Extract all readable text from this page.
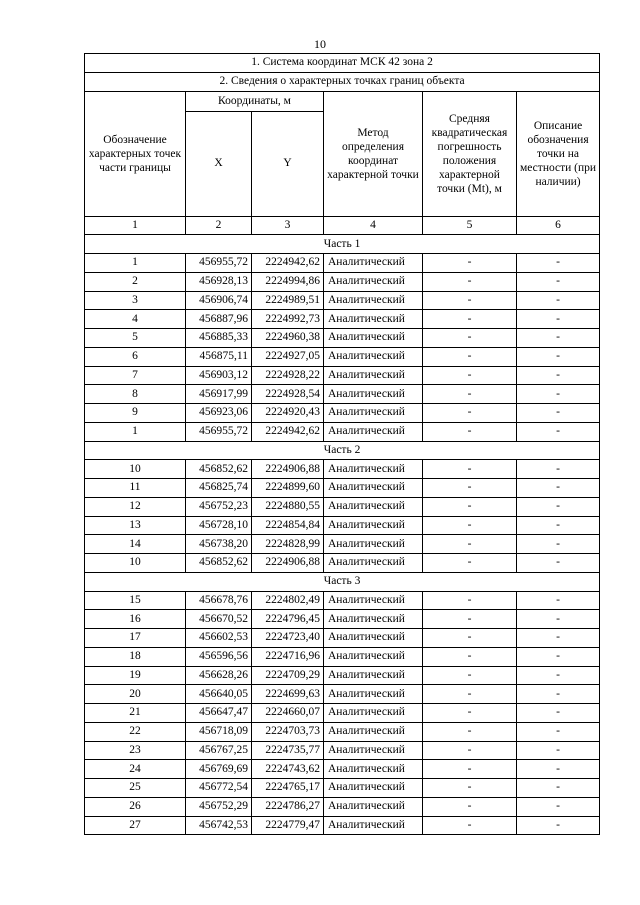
10
1. Система координат МСК 42 зона 2					
2. Сведения о характерных точках границ объекта					
Обозначение характерных точек части границы	Координаты, м		Метод определения координат характерной точки	Средняя квадратическая погрешность положения характерной точки (Mt), м	Описание обозначения точки на местности (при наличии)
	X	Y			
1	2	3	4	5	6
Часть 1					
1	456955,72	2224942,62	Аналитический	-	-
2	456928,13	2224994,86	Аналитический	-	-
3	456906,74	2224989,51	Аналитический	-	-
4	456887,96	2224992,73	Аналитический	-	-
5	456885,33	2224960,38	Аналитический	-	-
6	456875,11	2224927,05	Аналитический	-	-
7	456903,12	2224928,22	Аналитический	-	-
8	456917,99	2224928,54	Аналитический	-	-
9	456923,06	2224920,43	Аналитический	-	-
1	456955,72	2224942,62	Аналитический	-	-
Часть 2					
10	456852,62	2224906,88	Аналитический	-	-
11	456825,74	2224899,60	Аналитический	-	-
12	456752,23	2224880,55	Аналитический	-	-
13	456728,10	2224854,84	Аналитический	-	-
14	456738,20	2224828,99	Аналитический	-	-
10	456852,62	2224906,88	Аналитический	-	-
Часть 3					
15	456678,76	2224802,49	Аналитический	-	-
16	456670,52	2224796,45	Аналитический	-	-
17	456602,53	2224723,40	Аналитический	-	-
18	456596,56	2224716,96	Аналитический	-	-
19	456628,26	2224709,29	Аналитический	-	-
20	456640,05	2224699,63	Аналитический	-	-
21	456647,47	2224660,07	Аналитический	-	-
22	456718,09	2224703,73	Аналитический	-	-
23	456767,25	2224735,77	Аналитический	-	-
24	456769,69	2224743,62	Аналитический	-	-
25	456772,54	2224765,17	Аналитический	-	-
26	456752,29	2224786,27	Аналитический	-	-
27	456742,53	2224779,47	Аналитический	-	-
